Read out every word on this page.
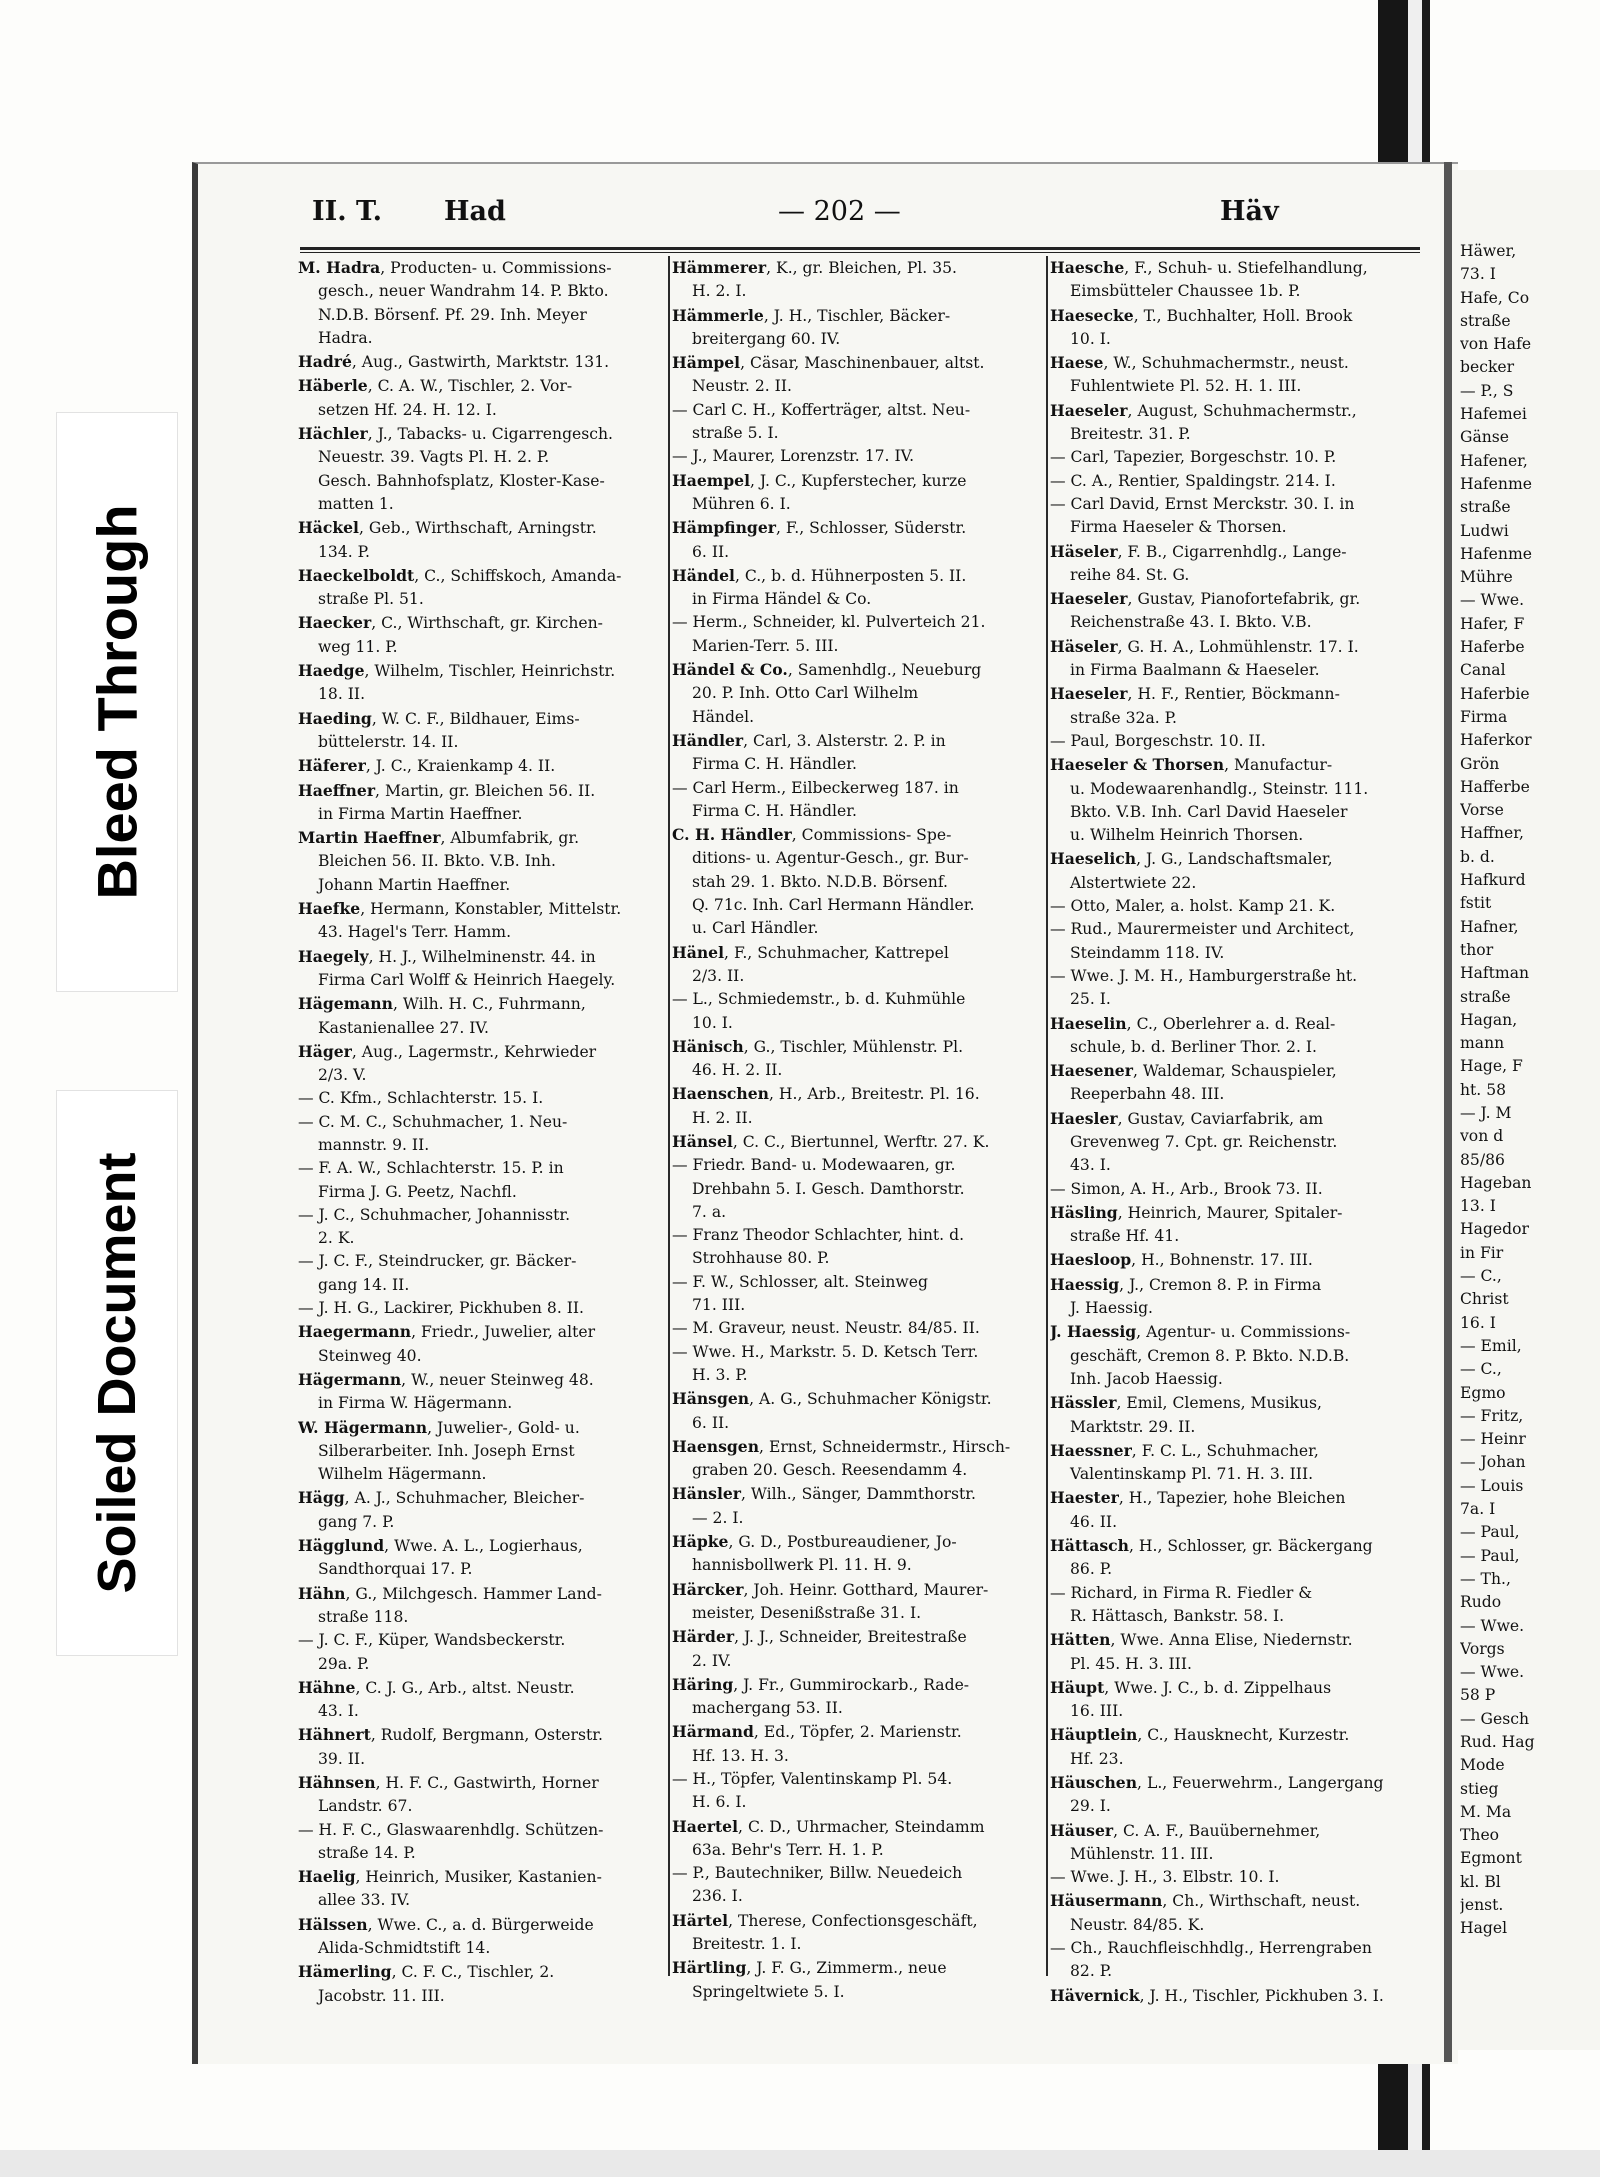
II. T. Had	— 202 —	Häv
M. Hadra, Producten- u. Commissions-
gesch., neuer Wandrahm 14. P. Bkto.
N.D.B. Börsenf. Pf. 29. Inh. Meyer
Hadra.
Hadré, Aug., Gastwirth, Marktstr. 131.
Häberle, C. A. W., Tischler, 2. Vor-
setzen Hf. 24. H. 12. I.
Hächler, J., Tabacks- u. Cigarrengesch.
Neuestr. 39. Vagts Pl. H. 2. P.
Gesch. Bahnhofsplatz, Kloster-Kase-
matten 1.
Häckel, Geb., Wirthschaft, Arningstr.
134. P.
Haeckelboldt, C., Schiffskoch, Amanda-
straße Pl. 51.
Haecker, C., Wirthschaft, gr. Kirchen-
weg 11. P.
Haedge, Wilhelm, Tischler, Heinrichstr.
18. II.
Haeding, W. C. F., Bildhauer, Eims-
büttelerstr. 14. II.
Häferer, J. C., Kraienkamp 4. II.
Haeffner, Martin, gr. Bleichen 56. II.
in Firma Martin Haeffner.
Martin Haeffner, Albumfabrik, gr.
Bleichen 56. II. Bkto. V.B. Inh.
Johann Martin Haeffner.
Haefke, Hermann, Konstabler, Mittelstr.
43. Hagel's Terr. Hamm.
Haegely, H. J., Wilhelminenstr. 44. in
Firma Carl Wolff & Heinrich Haegely.
Hägemann, Wilh. H. C., Fuhrmann,
Kastanienallee 27. IV.
Häger, Aug., Lagermstr., Kehrwieder
2/3. V.
— C. Kfm., Schlachterstr. 15. I.
— C. M. C., Schuhmacher, 1. Neu-
mannstr. 9. II.
— F. A. W., Schlachterstr. 15. P. in
Firma J. G. Peetz, Nachfl.
— J. C., Schuhmacher, Johannisstr.
2. K.
— J. C. F., Steindrucker, gr. Bäcker-
gang 14. II.
— J. H. G., Lackirer, Pickhuben 8. II.
Haegermann, Friedr., Juwelier, alter
Steinweg 40.
Hägermann, W., neuer Steinweg 48.
in Firma W. Hägermann.
W. Hägermann, Juwelier-, Gold- u.
Silberarbeiter. Inh. Joseph Ernst
Wilhelm Hägermann.
Hägg, A. J., Schuhmacher, Bleicher-
gang 7. P.
Hägglund, Wwe. A. L., Logierhaus,
Sandthorquai 17. P.
Hähn, G., Milchgesch. Hammer Land-
straße 118.
— J. C. F., Küper, Wandsbeckerstr.
29a. P.
Hähne, C. J. G., Arb., altst. Neustr.
43. I.
Hähnert, Rudolf, Bergmann, Osterstr.
39. II.
Hähnsen, H. F. C., Gastwirth, Horner
Landstr. 67.
— H. F. C., Glaswaarenhdlg. Schützen-
straße 14. P.
Haelig, Heinrich, Musiker, Kastanien-
allee 33. IV.
Hälssen, Wwe. C., a. d. Bürgerweide
Alida-Schmidtstift 14.
Hämerling, C. F. C., Tischler, 2.
Jacobstr. 11. III.
Hämmerer, K., gr. Bleichen, Pl. 35.
H. 2. I.
Hämmerle, J. H., Tischler, Bäcker-
breitergang 60. IV.
Hämpel, Cäsar, Maschinenbauer, altst.
Neustr. 2. II.
— Carl C. H., Kofferträger, altst. Neu-
straße 5. I.
— J., Maurer, Lorenzstr. 17. IV.
Haempel, J. C., Kupferstecher, kurze
Mühren 6. I.
Hämpfinger, F., Schlosser, Süderstr.
6. II.
Händel, C., b. d. Hühnerposten 5. II.
in Firma Händel & Co.
— Herm., Schneider, kl. Pulverteich 21.
Marien-Terr. 5. III.
Händel & Co., Samenhdlg., Neueburg
20. P. Inh. Otto Carl Wilhelm
Händel.
Händler, Carl, 3. Alsterstr. 2. P. in
Firma C. H. Händler.
— Carl Herm., Eilbeckerweg 187. in
Firma C. H. Händler.
C. H. Händler, Commissions- Spe-
ditions- u. Agentur-Gesch., gr. Bur-
stah 29. 1. Bkto. N.D.B. Börsenf.
Q. 71c. Inh. Carl Hermann Händler.
u. Carl Händler.
Hänel, F., Schuhmacher, Kattrepel
2/3. II.
— L., Schmiedemstr., b. d. Kuhmühle
10. I.
Hänisch, G., Tischler, Mühlenstr. Pl.
46. H. 2. II.
Haenschen, H., Arb., Breitestr. Pl. 16.
H. 2. II.
Hänsel, C. C., Biertunnel, Werftr. 27. K.
— Friedr. Band- u. Modewaaren, gr.
Drehbahn 5. I. Gesch. Damthorstr.
7. a.
— Franz Theodor Schlachter, hint. d.
Strohhause 80. P.
— F. W., Schlosser, alt. Steinweg
71. III.
— M. Graveur, neust. Neustr. 84/85. II.
— Wwe. H., Markstr. 5. D. Ketsch Terr.
H. 3. P.
Hänsgen, A. G., Schuhmacher Königstr.
6. II.
Haensgen, Ernst, Schneidermstr., Hirsch-
graben 20. Gesch. Reesendamm 4.
Hänsler, Wilh., Sänger, Dammthorstr.
— 2. I.
Häpke, G. D., Postbureaudiener, Jo-
hannisbollwerk Pl. 11. H. 9.
Härcker, Joh. Heinr. Gotthard, Maurer-
meister, Desenißstraße 31. I.
Härder, J. J., Schneider, Breitestraße
2. IV.
Häring, J. Fr., Gummirockarb., Rade-
machergang 53. II.
Härmand, Ed., Töpfer, 2. Marienstr.
Hf. 13. H. 3.
— H., Töpfer, Valentinskamp Pl. 54.
H. 6. I.
Haertel, C. D., Uhrmacher, Steindamm
63a. Behr's Terr. H. 1. P.
— P., Bautechniker, Billw. Neuedeich
236. I.
Härtel, Therese, Confectionsgeschäft,
Breitestr. 1. I.
Härtling, J. F. G., Zimmerm., neue
Springeltwiete 5. I.
Haesche, F., Schuh- u. Stiefelhandlung,
Eimsbütteler Chaussee 1b. P.
Haesecke, T., Buchhalter, Holl. Brook
10. I.
Haese, W., Schuhmachermstr., neust.
Fuhlentwiete Pl. 52. H. 1. III.
Haeseler, August, Schuhmachermstr.,
Breitestr. 31. P.
— Carl, Tapezier, Borgeschstr. 10. P.
— C. A., Rentier, Spaldingstr. 214. I.
— Carl David, Ernst Merckstr. 30. I. in
Firma Haeseler & Thorsen.
Häseler, F. B., Cigarrenhdlg., Lange-
reihe 84. St. G.
Haeseler, Gustav, Pianofortefabrik, gr.
Reichenstraße 43. I. Bkto. V.B.
Häseler, G. H. A., Lohmühlenstr. 17. I.
in Firma Baalmann & Haeseler.
Haeseler, H. F., Rentier, Böckmann-
straße 32a. P.
— Paul, Borgeschstr. 10. II.
Haeseler & Thorsen, Manufactur-
u. Modewaarenhandlg., Steinstr. 111.
Bkto. V.B. Inh. Carl David Haeseler
u. Wilhelm Heinrich Thorsen.
Haeselich, J. G., Landschaftsmaler,
Alstertwiete 22.
— Otto, Maler, a. holst. Kamp 21. K.
— Rud., Maurermeister und Architect,
Steindamm 118. IV.
— Wwe. J. M. H., Hamburgerstraße ht.
25. I.
Haeselin, C., Oberlehrer a. d. Real-
schule, b. d. Berliner Thor. 2. I.
Haesener, Waldemar, Schauspieler,
Reeperbahn 48. III.
Haesler, Gustav, Caviarfabrik, am
Grevenweg 7. Cpt. gr. Reichenstr.
43. I.
— Simon, A. H., Arb., Brook 73. II.
Häsling, Heinrich, Maurer, Spitaler-
straße Hf. 41.
Haesloop, H., Bohnenstr. 17. III.
Haessig, J., Cremon 8. P. in Firma
J. Haessig.
J. Haessig, Agentur- u. Commissions-
geschäft, Cremon 8. P. Bkto. N.D.B.
Inh. Jacob Haessig.
Hässler, Emil, Clemens, Musikus,
Marktstr. 29. II.
Haessner, F. C. L., Schuhmacher,
Valentinskamp Pl. 71. H. 3. III.
Haester, H., Tapezier, hohe Bleichen
46. II.
Hättasch, H., Schlosser, gr. Bäckergang
86. P.
— Richard, in Firma R. Fiedler &
R. Hättasch, Bankstr. 58. I.
Hätten, Wwe. Anna Elise, Niedernstr.
Pl. 45. H. 3. III.
Häupt, Wwe. J. C., b. d. Zippelhaus
16. III.
Häuptlein, C., Hausknecht, Kurzestr.
Hf. 23.
Häuschen, L., Feuerwehrm., Langergang
29. I.
Häuser, C. A. F., Bauübernehmer,
Mühlenstr. 11. III.
— Wwe. J. H., 3. Elbstr. 10. I.
Häusermann, Ch., Wirthschaft, neust.
Neustr. 84/85. K.
— Ch., Rauchfleischhdlg., Herrengraben
82. P.
Hävernick, J. H., Tischler, Pickhuben 3. I.
Häwer,
73. I
Hafe, Co
straße
von Hafe
becker
— P., S
Hafemei
Gänse
Hafener,
Hafenme
straße
Ludwi
Hafenme
Mühre
— Wwe.
Hafer, F
Haferbe
Canal
Haferbie
Firma
Haferkor
Grön
Hafferbe
Vorse
Haffner,
b. d.
Hafkurd
fstit
Hafner,
thor
Haftman
straße
Hagan,
mann
Hage, F
ht. 58
— J. M
von d
85/86
Hageban
13. I
Hagedor
in Fir
— C.,
Christ
16. I
— Emil,
— C.,
Egmo
— Fritz,
— Heinr
— Johan
— Louis
7a. I
— Paul,
— Paul,
— Th.,
Rudo
— Wwe.
Vorgs
— Wwe.
58 P
— Gesch
Rud. Hag
Mode
stieg
M. Ma
Theo
Egmont
kl. Bl
jenst.
Hagel
Bleed Through
Soiled Document
